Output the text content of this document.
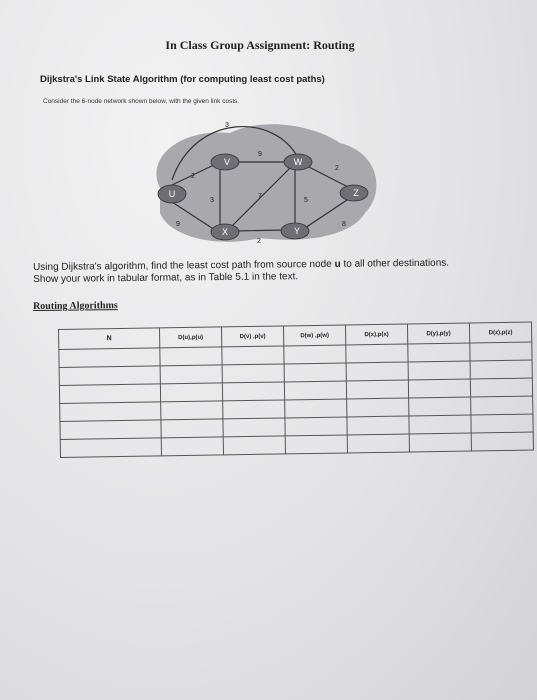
In Class Group Assignment: Routing
Dijkstra's Link State Algorithm (for computing least cost paths)
Consider the 6-node network shown below, with the given link costs.
3
2
9
9
3
7
5
2
2
8
U
V	W
X	Y
Z
Using Dijkstra's algorithm, find the least cost path from source node u to all other destinations. Show your work in tabular format, as in Table 5.1 in the text.
Routing Algorithms
N	D(u),p(u)	D(v) ,p(v)	D(w) ,p(w)	D(x),p(x)	D(y),p(y)	D(z),p(z)
